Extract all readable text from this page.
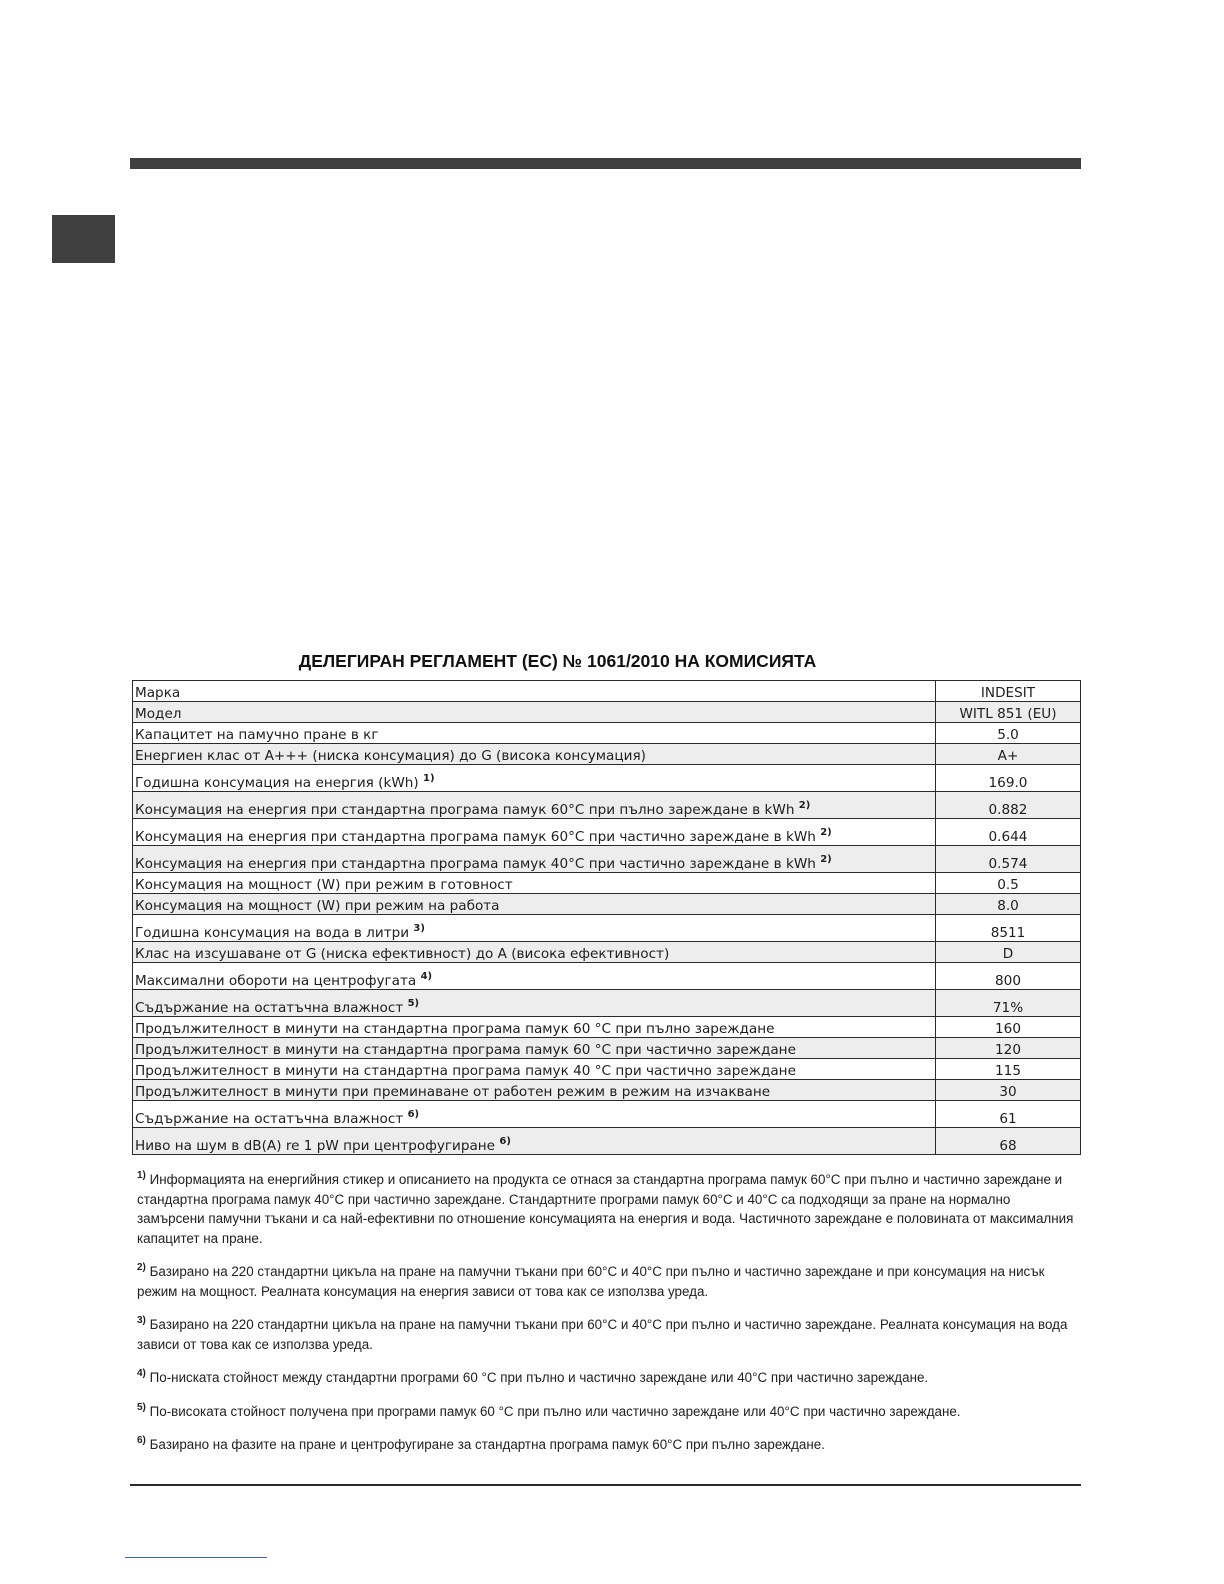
ДЕЛЕГИРАН РЕГЛАМЕНТ (ЕС) № 1061/2010 НА КОМИСИЯТА
Марка	INDESIT
Модел	WITL 851 (EU)
Капацитет на памучно пране в кг	5.0
Енергиен клас от A+++ (ниска консумация) до G (висока консумация)	A+
Годишна консумация на енергия (kWh) $^{1)}$	169.0
Консумация на енергия при стандартна програма памук 60°C при пълно зареждане в kWh $^{2)}$	0.882
Консумация на енергия при стандартна програма памук 60°C при частично зареждане в kWh $^{2)}$	0.644
Консумация на енергия при стандартна програма памук 40°C при частично зареждане в kWh $^{2)}$	0.574
Консумация на мощност (W) при режим в готовност	0.5
Консумация на мощност (W) при режим на работа	8.0
Годишна консумация на вода в литри $^{3)}$	8511
Клас на изсушаване от G (ниска ефективност) до A (висока ефективност)	D
Максимални обороти на центрофугата $^{4)}$	800
Съдържание на остатъчна влажност $^{5)}$	71%
Продължителност в минути на стандартна програма памук 60 °C при пълно зареждане	160
Продължителност в минути на стандартна програма памук 60 °C при частично зареждане	120
Продължителност в минути на стандартна програма памук 40 °C при частично зареждане	115
Продължителност в минути при преминаване от работен режим в режим на изчакване	30
Съдържание на остатъчна влажност $^{6)}$	61
Ниво на шум в dB(A) re 1 pW при центрофугиране $^{6)}$	68
$^{1)}$ Информацията на енергийния стикер и описанието на продукта се отнася за стандартна програма памук 60°C при пълно и частично зареждане и стандартна програма памук 40°C при частично зареждане. Стандартните програми памук 60°C и 40°C са подходящи за пране на нормално замърсени памучни тъкани и са най-ефективни по отношение консумацията на енергия и вода. Частичното зареждане е половината от максималния капацитет на пране.
$^{2)}$ Базирано на 220 стандартни цикъла на пране на памучни тъкани при 60°C и 40°C при пълно и частично зареждане и при консумация на нисък режим на мощност. Реалната консумация на енергия зависи от това как се използва уреда.
$^{3)}$ Базирано на 220 стандартни цикъла на пране на памучни тъкани при 60°C и 40°C при пълно и частично зареждане. Реалната консумация на вода зависи от това как се използва уреда.
$^{4)}$ По-ниската стойност между стандартни програми 60 °C при пълно и частично зареждане или 40°C при частично зареждане.
$^{5)}$ По-високата стойност получена при програми памук 60 °C при пълно или частично зареждане или 40°C при частично зареждане.
$^{6)}$ Базирано на фазите на пране и центрофугиране за стандартна програма памук 60°C при пълно зареждане.
